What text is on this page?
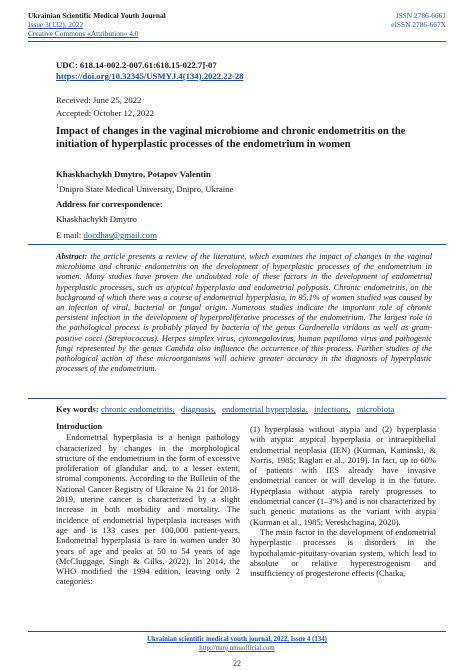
Ukrainian Scientific Medical Youth Journal
Issue 3(132), 2022
Creative Commons «Attribution» 4.0
ISSN 2786-6661
eISSN 2786-667X
UDC: 618.14-002.2-007.61:618.15-022.7]-07
https://doi.org/10.32345/USMYJ.4(134).2022.22-28
Received: June 25, 2022
Accepted: October 12, 2022
Impact of changes in the vaginal microbiome and chronic endometritis on the initiation of hyperplastic processes of the endometrium in women
Khaskhachykh Dmytro, Potapov Valentin
$^1$Dnipro State Medical University, Dnipro, Ukraine
Address for correspondence:
Khaskhachykh Dmytro
E mail: docdhas@gmail.com
Abstract: the article presents a review of the literature, which examines the impact of changes in the vaginal microbiome and chronic endometritis on the development of hyperplastic processes of the endometrium in women. Many studies have proven the undoubted role of these factors in the development of endometrial hyperplastic processes, such as atypical hyperplasia and endometrial polyposis. Chronic endometritis, on the background of which there was a course of endometrial hyperplasia, in 95.1% of women studied was caused by an infection of viral, bacterial or fungal origin. Numerous studies indicate the important role of chronic persistent infection in the development of hyperproliferative processes of the endometrium. The largest role in the pathological process is probably played by bacteria of the genus Gardnerella viridans as well as gram-positive cocci (Streptococcus). Herpes simplex virus, cytomegalovirus, human papilloma virus and pathogenic fungi represented by the genus Candida also influence the occurrence of this process. Further studies of the pathological action of these microorganisms will achieve greater accuracy in the diagnosis of hyperplastic processes of the endometrium.
Key words: chronic endometritis, diagnosis, endometrial hyperplasia, infections, microbiota
Introduction

Endometrial hyperplasia is a benign pathology characterized by changes in the morphological structure of the endometrium in the form of excessive proliferation of glandular and, to a lesser extent, stromal components. According to the Bulletin of the National Cancer Registry of Ukraine № 21 for 2018-2019, uterine cancer is characterized by a slight increase in both morbidity and mortality. The incidence of endometrial hyperplasia increases with age and is 133 cases per 100,000 patient-years. Endometrial hyperplasia is rare in women under 30 years of age and peaks at 50 to 54 years of age (McCluggage, Singh & Gilks, 2022). In 2014, the WHO modified the 1994 edition, leaving only 2 categories:

(1) hyperplasia without atypia and (2) hyperplasia with atypia: atypical hyperplasia or intraepithelial endometrial neoplasia (IEN) (Kurman, Kaminski, & Norris, 1985; Raglan et al., 2019). In fact, up to 60% of patients with IES already have invasive endometrial cancer or will develop it in the future. Hyperplasia without atypia rarely progresses to endometrial cancer (1–3%) and is not characterized by such genetic mutations as the variant with atypia (Kurman et al., 1985; Vereshchagina, 2020).

The main factor in the development of endometrial hyperplastic processes is disorders in the hypothalamic-pituitary-ovarian system, which lead to absolute or relative hyperestrogenism and insufficiency of progesterone effects (Chaika,

Ukrainian scientific medical youth journal, 2022, Issue 4 (134)
http://mmj.nmuofficial.com
22
